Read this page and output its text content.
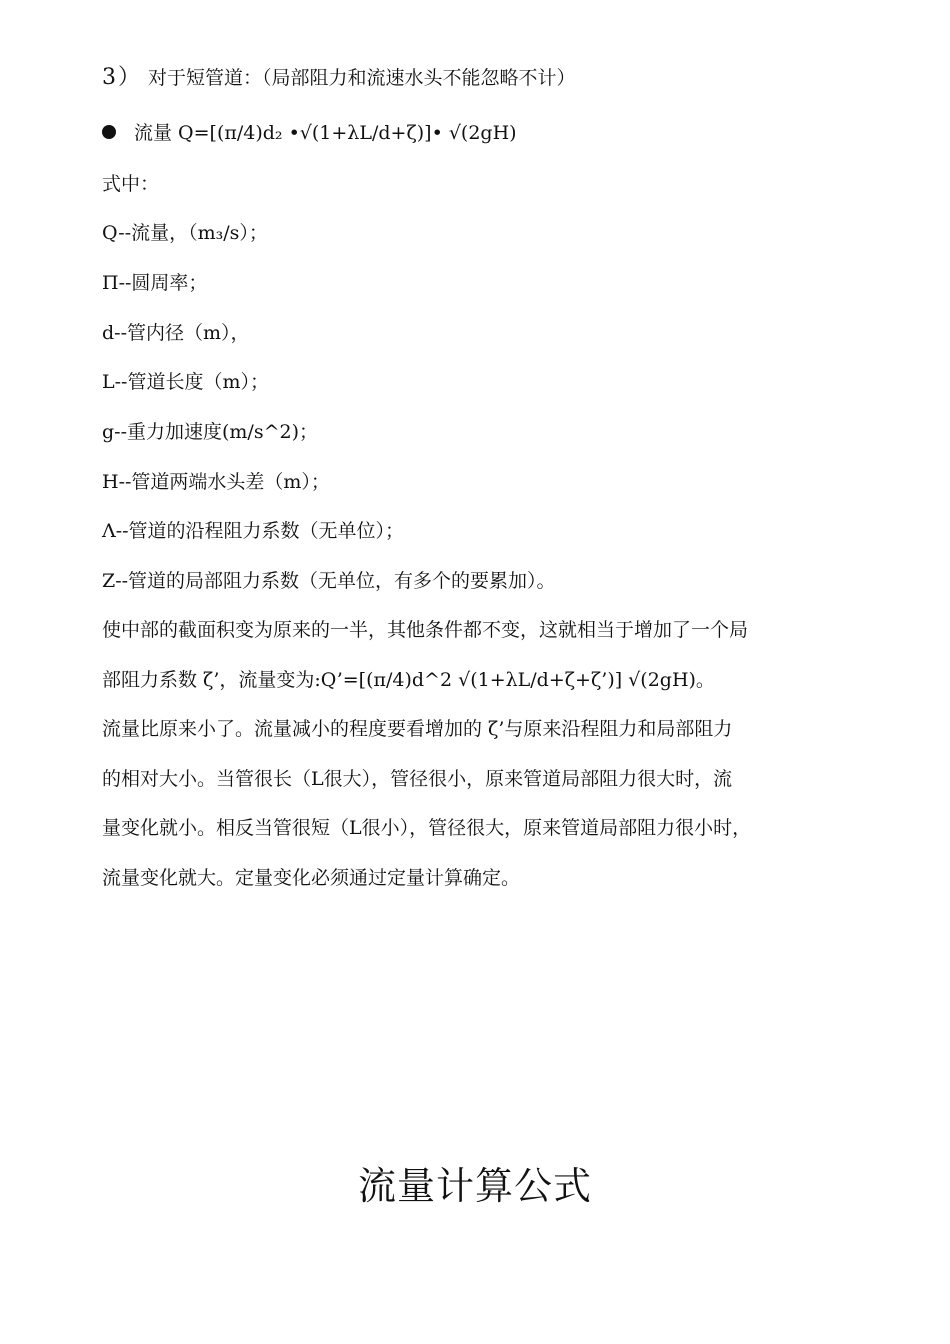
3） 对于短管道：（局部阻力和流速水头不能忽略不计）
流量 Q=[(π/4)d₂ •√(1+λL/d+ζ)]• √(2gH)
式中：
Q--流量，（m₃/s）；
Π--圆周率；
d--管内径（m），
L--管道长度（m）；
g--重力加速度(m/s^2)；
H--管道两端水头差（m）；
Λ--管道的沿程阻力系数（无单位）；
Ζ--管道的局部阻力系数（无单位，有多个的要累加）。
使中部的截面积变为原来的一半，其他条件都不变，这就相当于增加了一个局
部阻力系数 ζ’，流量变为:Q’=[(π/4)d^2 √(1+λL/d+ζ+ζ’)] √(2gH)。
流量比原来小了。流量减小的程度要看增加的 ζ’与原来沿程阻力和局部阻力
的相对大小。当管很长（L很大），管径很小，原来管道局部阻力很大时，流
量变化就小。相反当管很短（L很小），管径很大，原来管道局部阻力很小时，
流量变化就大。定量变化必须通过定量计算确定。
流量计算公式
